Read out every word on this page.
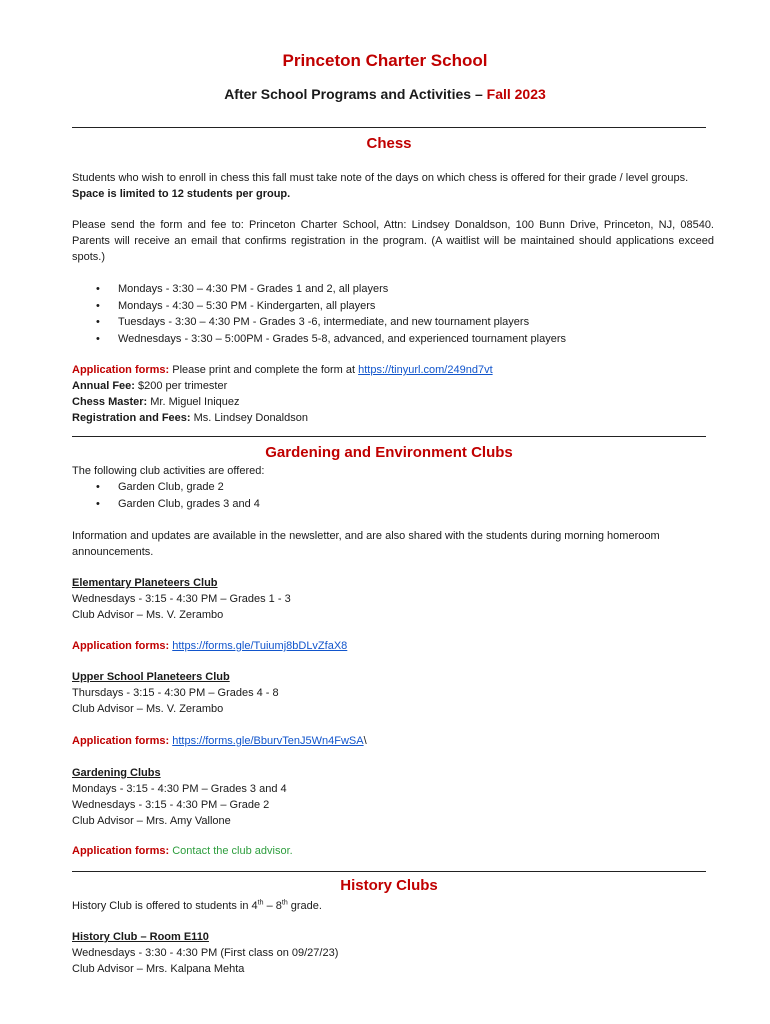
Princeton Charter School
After School Programs and Activities – Fall 2023
Chess
Students who wish to enroll in chess this fall must take note of the days on which chess is offered for their grade / level groups.
Space is limited to 12 students per group.
Please send the form and fee to: Princeton Charter School, Attn: Lindsey Donaldson, 100 Bunn Drive, Princeton, NJ, 08540. Parents will receive an email that confirms registration in the program. (A waitlist will be maintained should applications exceed spots.)
• Mondays - 3:30 – 4:30 PM - Grades 1 and 2, all players
• Mondays - 4:30 – 5:30 PM - Kindergarten, all players
• Tuesdays - 3:30 – 4:30 PM - Grades 3 -6, intermediate, and new tournament players
• Wednesdays - 3:30 – 5:00PM - Grades 5-8, advanced, and experienced tournament players
Application forms: Please print and complete the form at https://tinyurl.com/249nd7vt
Annual Fee: $200 per trimester
Chess Master: Mr. Miguel Iniquez
Registration and Fees: Ms. Lindsey Donaldson
Gardening and Environment Clubs
The following club activities are offered:
• Garden Club, grade 2
• Garden Club, grades 3 and 4
Information and updates are available in the newsletter, and are also shared with the students during morning homeroom announcements.
Elementary Planeteers Club
Wednesdays - 3:15 - 4:30 PM – Grades 1 - 3
Club Advisor – Ms. V. Zerambo
Application forms: https://forms.gle/Tuiumj8bDLvZfaX8
Upper School Planeteers Club
Thursdays - 3:15 - 4:30 PM – Grades 4 - 8
Club Advisor – Ms. V. Zerambo
Application forms: https://forms.gle/BburvTenJ5Wn4FwSA\
Gardening Clubs
Mondays - 3:15 - 4:30 PM – Grades 3 and 4
Wednesdays - 3:15 - 4:30 PM – Grade 2
Club Advisor – Mrs. Amy Vallone
Application forms: Contact the club advisor.
History Clubs
History Club is offered to students in 4th – 8th grade.
History Club – Room E110
Wednesdays - 3:30 - 4:30 PM (First class on 09/27/23)
Club Advisor – Mrs. Kalpana Mehta
